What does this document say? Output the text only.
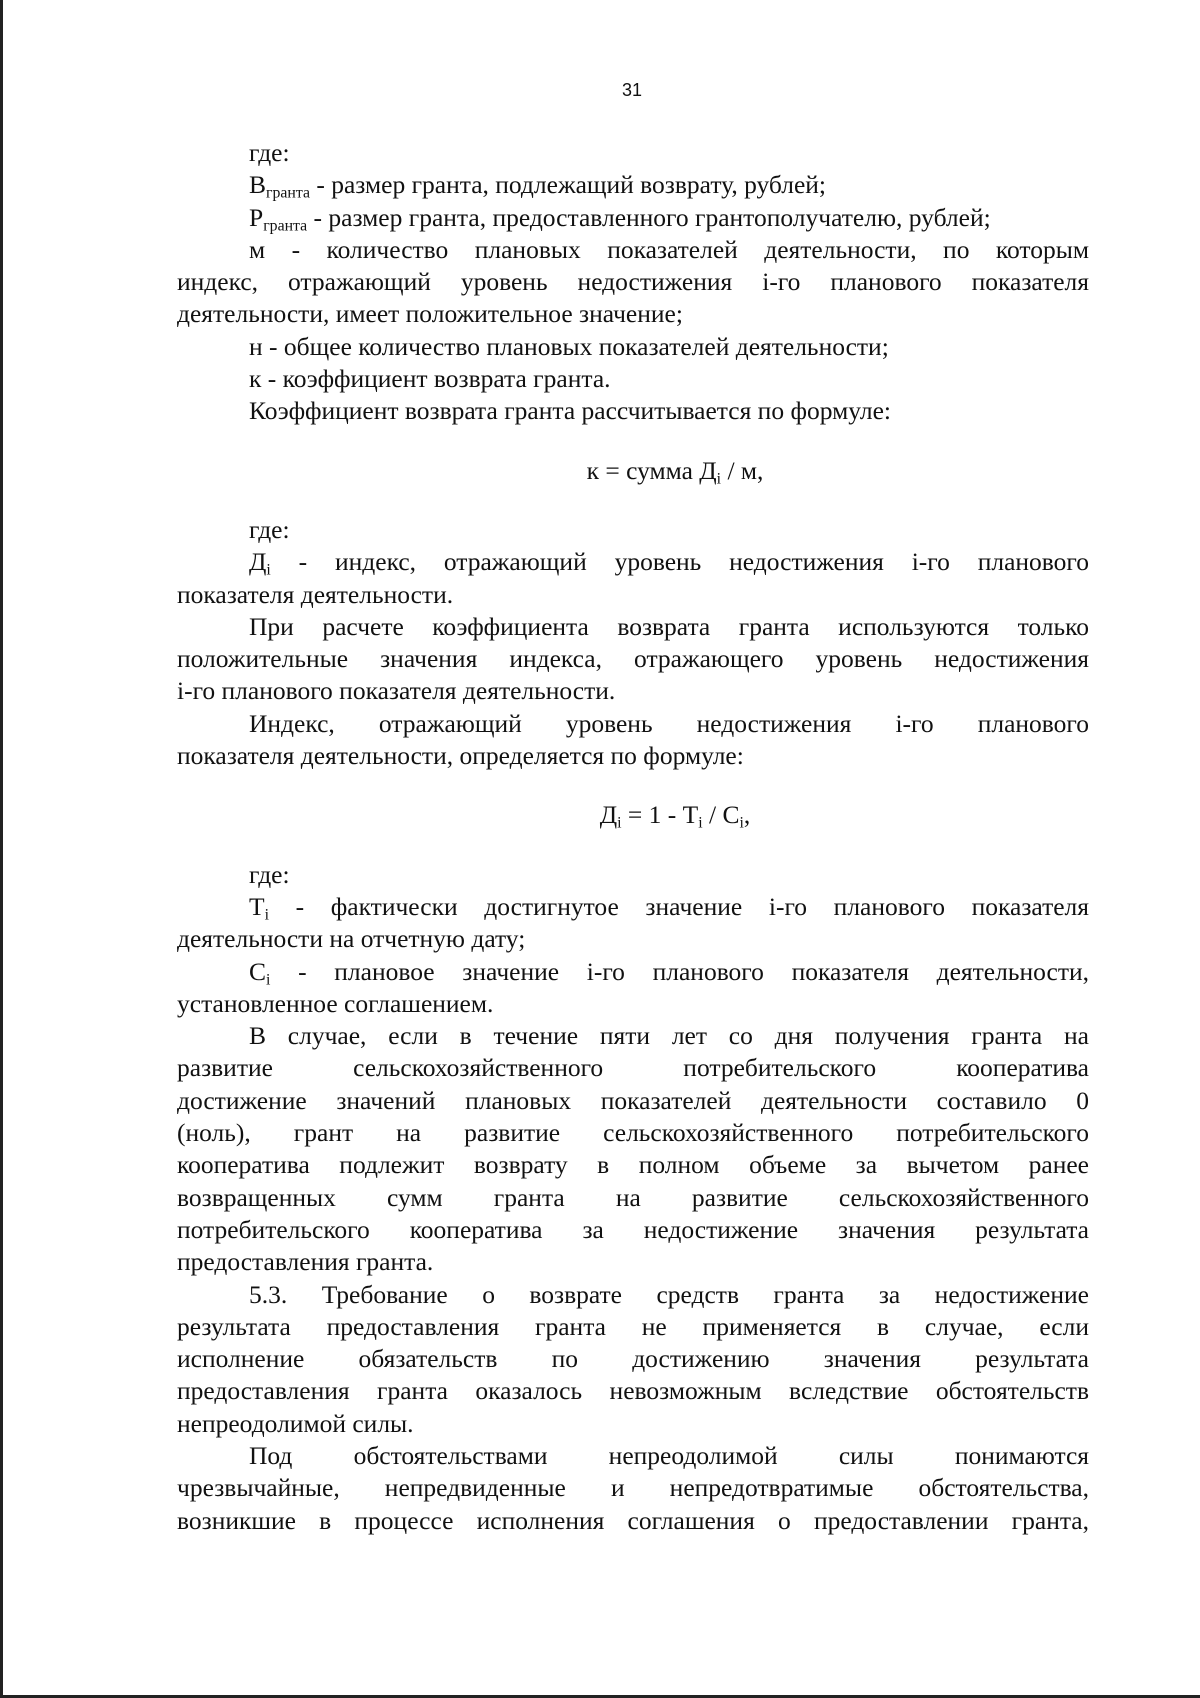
31

где:

$В_{гранта}$ - размер гранта, подлежащий возврату, рублей;

$Р_{гранта}$ - размер гранта, предоставленного грантополучателю, рублей;

м - количество плановых показателей деятельности, по которым
индекс, отражающий уровень недостижения i-го планового показателя
деятельности, имеет положительное значение;

н - общее количество плановых показателей деятельности;

к - коэффициент возврата гранта.

Коэффициент возврата гранта рассчитывается по формуле:

к = сумма $Д_i$ / м,

где:

$Д_i$ - индекс, отражающий уровень недостижения i-го планового
показателя деятельности.

При расчете коэффициента возврата гранта используются только
положительные значения индекса, отражающего уровень недостижения
i-го планового показателя деятельности.

Индекс, отражающий уровень недостижения i-го планового
показателя деятельности, определяется по формуле:

$Д_i = 1 - Т_i / С_i$,

где:

$Т_i$ - фактически достигнутое значение i-го планового показателя
деятельности на отчетную дату;

$С_i$ - плановое значение i-го планового показателя деятельности,
установленное соглашением.

В случае, если в течение пяти лет со дня получения гранта на
развитие сельскохозяйственного потребительского кооператива
достижение значений плановых показателей деятельности составило 0
(ноль), грант на развитие сельскохозяйственного потребительского
кооператива подлежит возврату в полном объеме за вычетом ранее
возвращенных сумм гранта на развитие сельскохозяйственного
потребительского кооператива за недостижение значения результата
предоставления гранта.

5.3. Требование о возврате средств гранта за недостижение
результата предоставления гранта не применяется в случае, если
исполнение обязательств по достижению значения результата
предоставления гранта оказалось невозможным вследствие обстоятельств
непреодолимой силы.

Под обстоятельствами непреодолимой силы понимаются
чрезвычайные, непредвиденные и непредотвратимые обстоятельства,
возникшие в процессе исполнения соглашения о предоставлении гранта,
